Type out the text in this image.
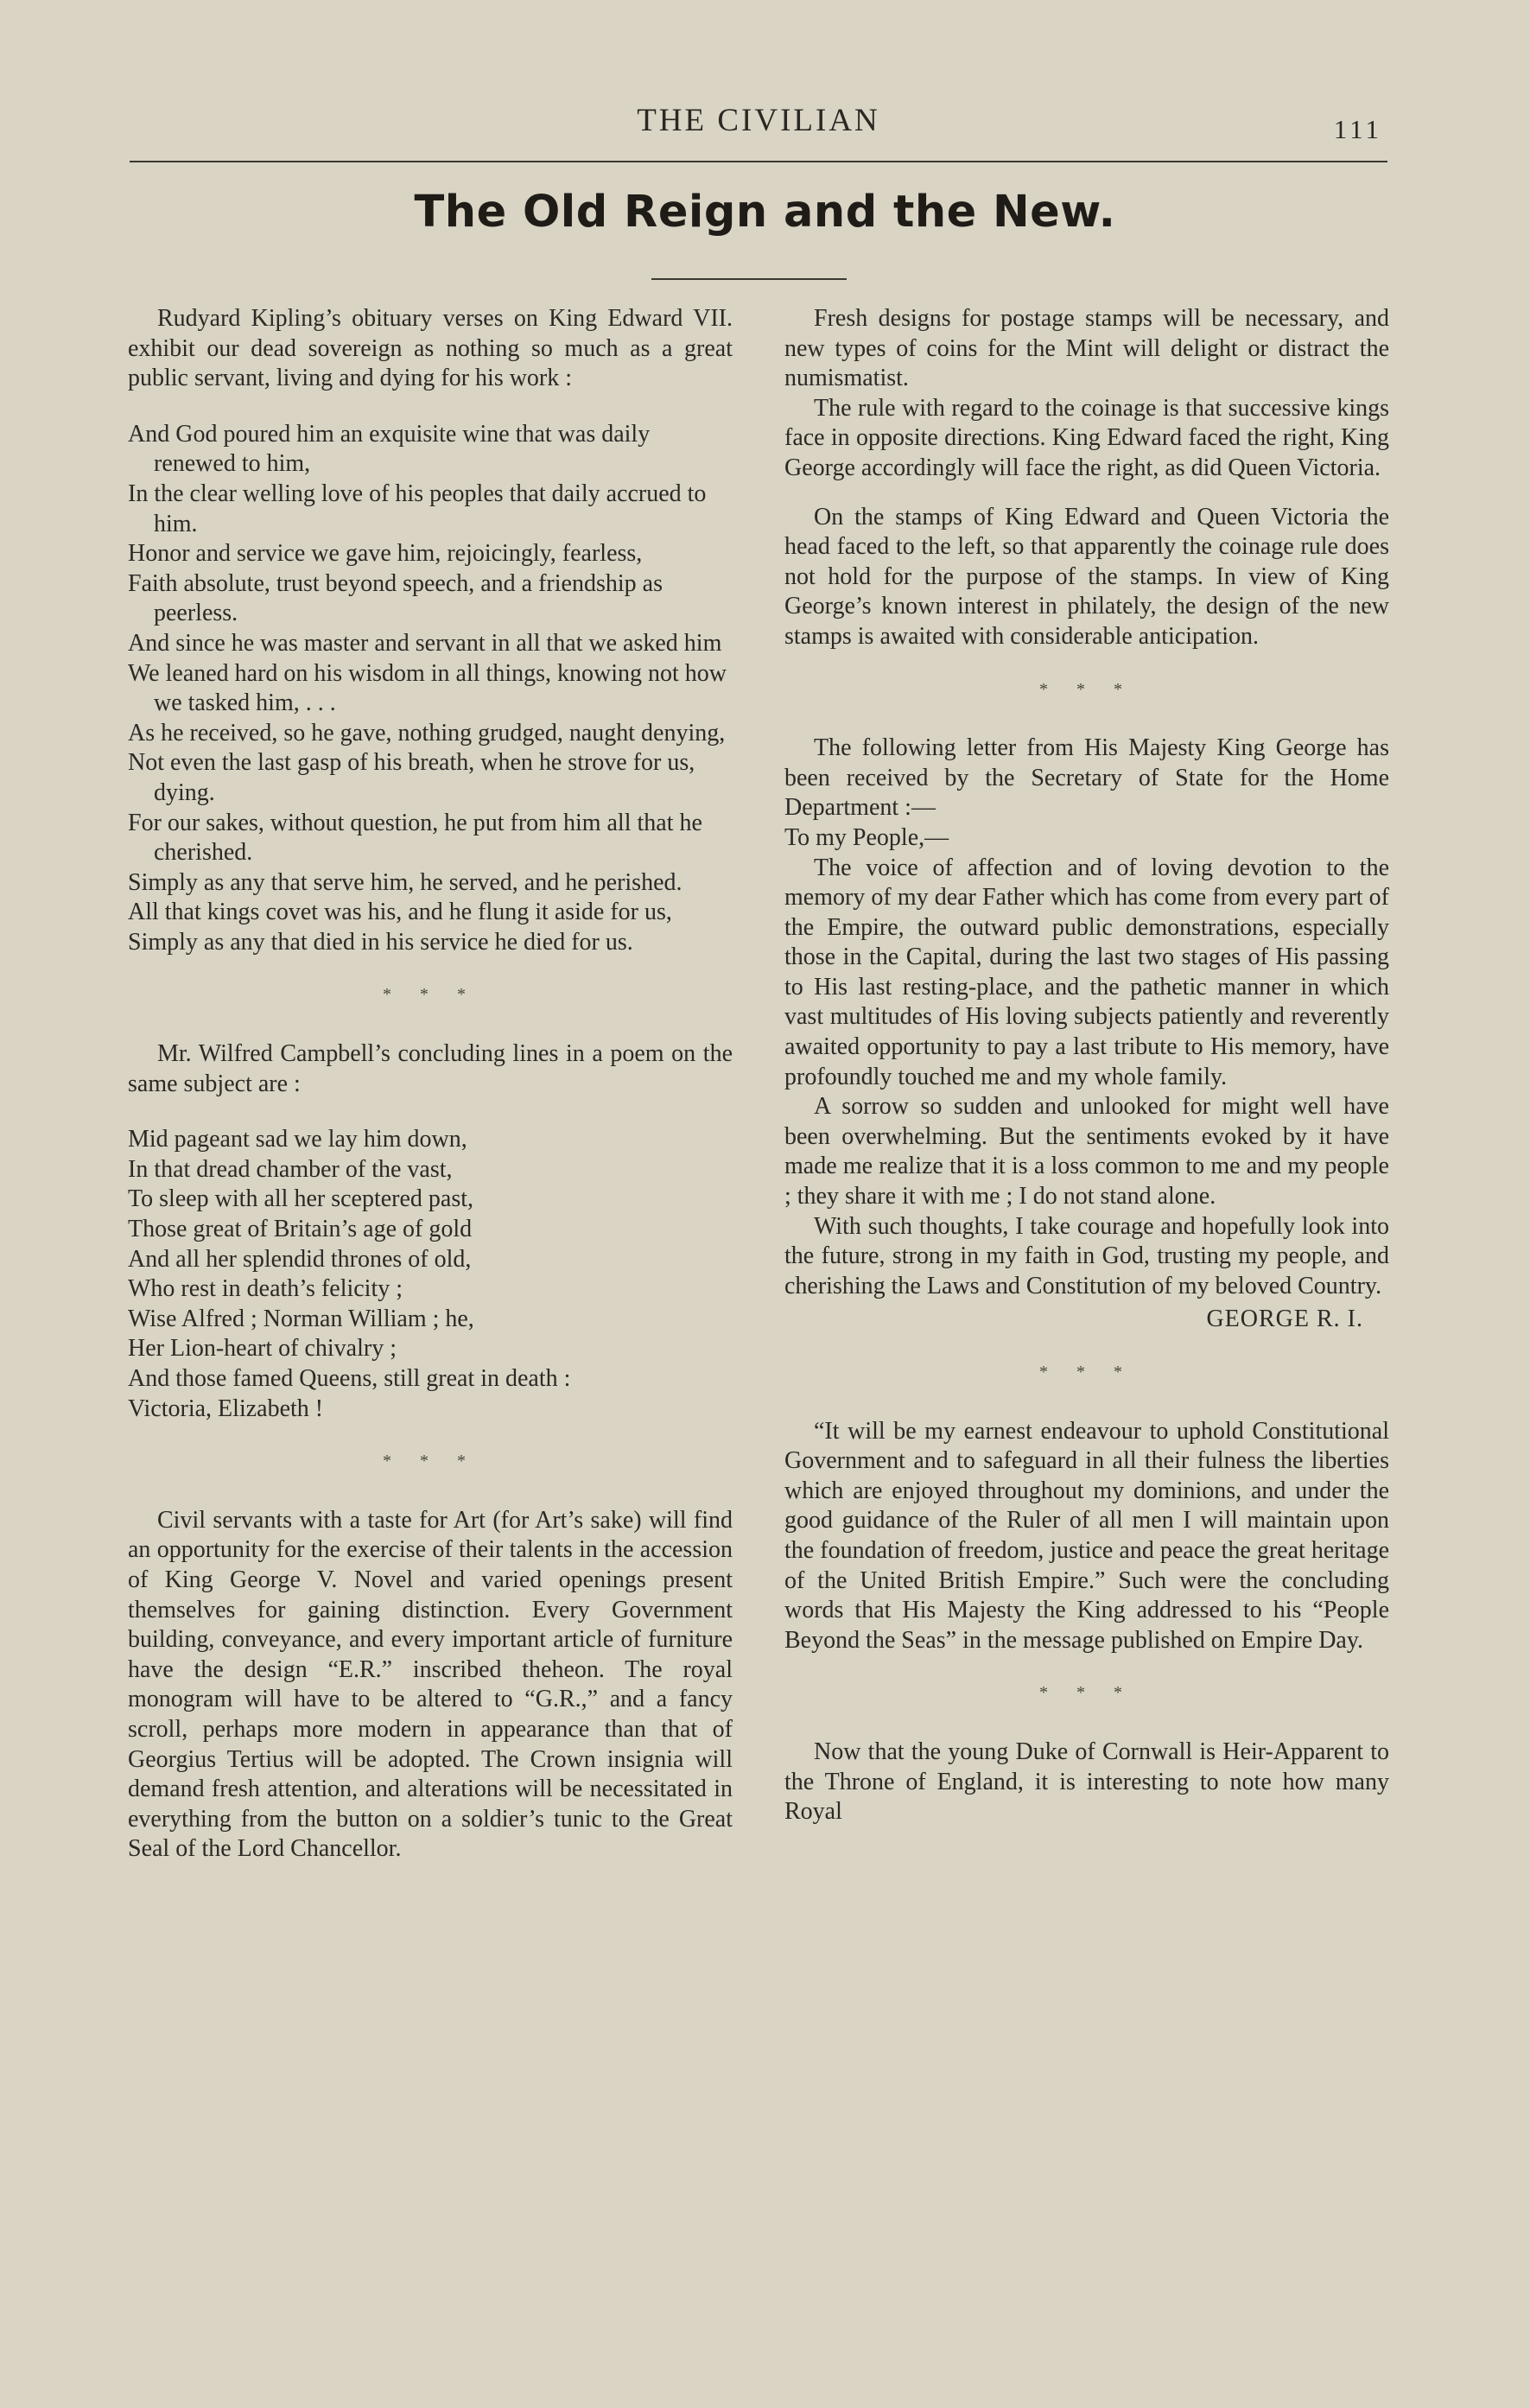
THE CIVILIAN	111
The Old Reign and the New.

Rudyard Kipling’s obituary verses on King Edward VII. exhibit our dead sovereign as nothing so much as a great public servant, living and dying for his work :

And God poured him an exquisite wine that was daily renewed to him,
In the clear welling love of his peoples that daily accrued to him.
Honor and service we gave him, rejoicingly, fearless,
Faith absolute, trust beyond speech, and a friendship as peerless.
And since he was master and servant in all that we asked him
We leaned hard on his wisdom in all things, knowing not how we tasked him, . . .
As he received, so he gave, nothing grudged, naught denying,
Not even the last gasp of his breath, when he strove for us, dying.
For our sakes, without question, he put from him all that he cherished.
Simply as any that serve him, he served, and he perished.
All that kings covet was his, and he flung it aside for us,
Simply as any that died in his service he died for us.
* * *

Mr. Wilfred Campbell’s concluding lines in a poem on the same subject are :

Mid pageant sad we lay him down,
In that dread chamber of the vast,
To sleep with all her sceptered past,
Those great of Britain’s age of gold
And all her splendid thrones of old,
Who rest in death’s felicity ;
Wise Alfred ; Norman William ; he,
Her Lion-heart of chivalry ;
And those famed Queens, still great in death :
Victoria, Elizabeth !
* * *

Civil servants with a taste for Art (for Art’s sake) will find an opportunity for the exercise of their talents in the accession of King George V. Novel and varied openings present themselves for gaining distinction. Every Government building, conveyance, and every important article of furniture have the design “E.R.” inscribed theheon. The royal monogram will have to be altered to “G.R.,” and a fancy scroll, perhaps more modern in appearance than that of Georgius Tertius will be adopted. The Crown insignia will demand fresh attention, and alterations will be necessitated in everything from the button on a soldier’s tunic to the Great Seal of the Lord Chancellor.

Fresh designs for postage stamps will be necessary, and new types of coins for the Mint will delight or distract the numismatist.

The rule with regard to the coinage is that successive kings face in opposite directions. King Edward faced the right, King George accordingly will face the right, as did Queen Victoria.

On the stamps of King Edward and Queen Victoria the head faced to the left, so that apparently the coinage rule does not hold for the purpose of the stamps. In view of King George’s known interest in philately, the design of the new stamps is awaited with considerable anticipation.

* * *

The following letter from His Majesty King George has been received by the Secretary of State for the Home Department :—

To my People,—

The voice of affection and of loving devotion to the memory of my dear Father which has come from every part of the Empire, the outward public demonstrations, especially those in the Capital, during the last two stages of His passing to His last resting-place, and the pathetic manner in which vast multitudes of His loving subjects patiently and reverently awaited opportunity to pay a last tribute to His memory, have profoundly touched me and my whole family.

A sorrow so sudden and unlooked for might well have been overwhelming. But the sentiments evoked by it have made me realize that it is a loss common to me and my people ; they share it with me ; I do not stand alone.

With such thoughts, I take courage and hopefully look into the future, strong in my faith in God, trusting my people, and cherishing the Laws and Constitution of my beloved Country.

GEORGE R. I.
* * *

“It will be my earnest endeavour to uphold Constitutional Government and to safeguard in all their fulness the liberties which are enjoyed throughout my dominions, and under the good guidance of the Ruler of all men I will maintain upon the foundation of freedom, justice and peace the great heritage of the United British Empire.” Such were the concluding words that His Majesty the King addressed to his “People Beyond the Seas” in the message published on Empire Day.

* * *

Now that the young Duke of Cornwall is Heir-Apparent to the Throne of England, it is interesting to note how many Royal
